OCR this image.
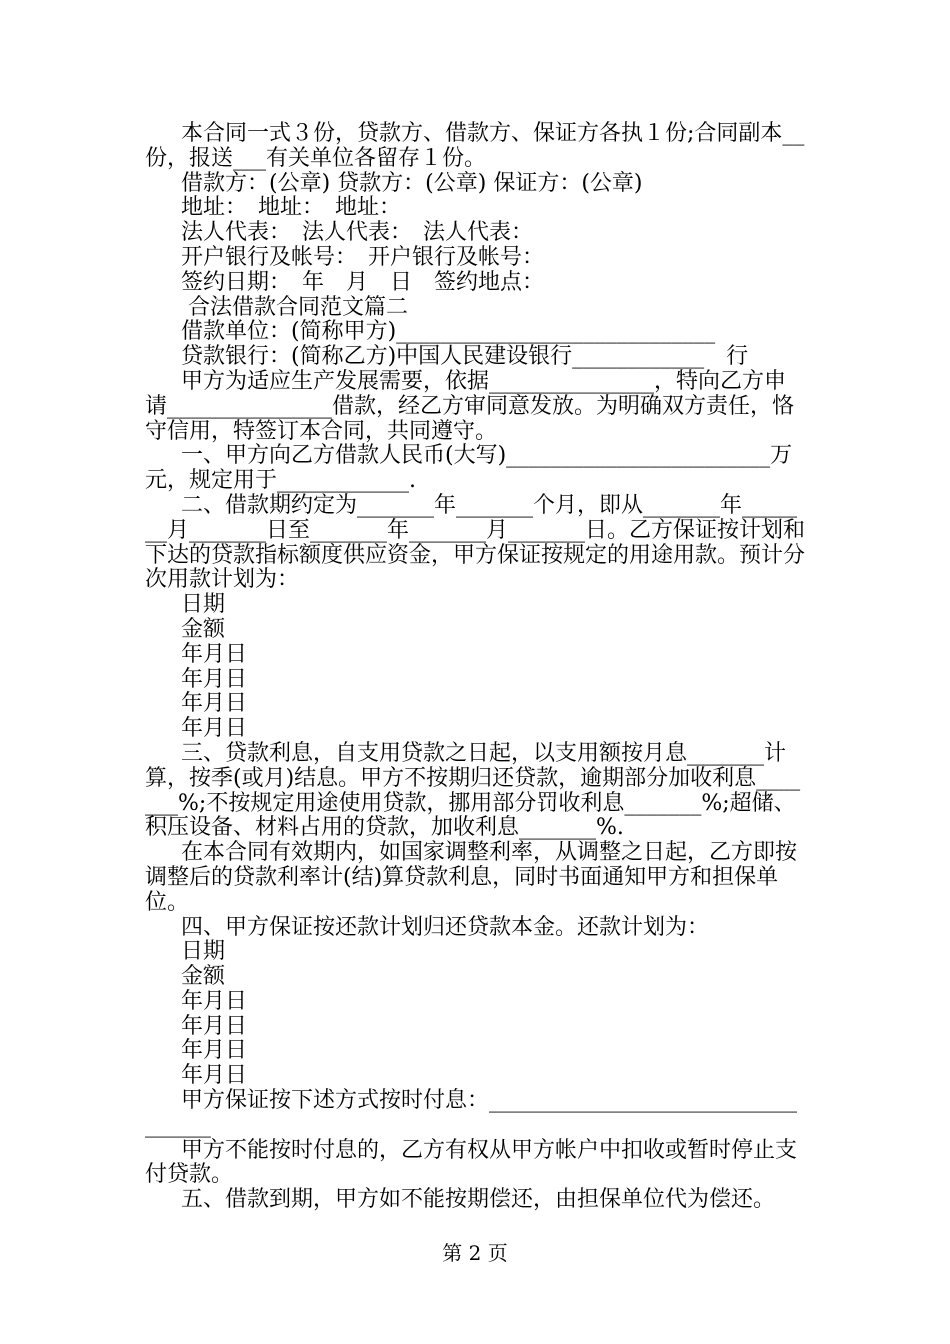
本合同一式３份，贷款方、借款方、保证方各执１份;合同副本__份，报送___有关单位各留存１份。

借款方：(公章) 贷款方：(公章) 保证方：(公章)

地址：　地址：　地址：

法人代表：　法人代表：　法人代表：

开户银行及帐号：　开户银行及帐号：

签约日期：　年　月　日　签约地点：

合法借款合同范文篇二

借款单位：(简称甲方)_____________________________

贷款银行：(简称乙方)中国人民建设银行____________　行

甲方为适应生产发展需要，依据_______________，特向乙方申请_______________借款，经乙方审同意发放。为明确双方责任，恪守信用，特签订本合同，共同遵守。

一、甲方向乙方借款人民币(大写)________________________万元，规定用于____________.

二、借款期约定为_______年_______个月，即从_______年_______月_______日至_______年_______月_______日。乙方保证按计划和下达的贷款指标额度供应资金，甲方保证按规定的用途用款。预计分次用款计划为：

日期

金额

年月日

年月日

年月日

年月日

三、贷款利息，自支用贷款之日起，以支用额按月息_______计算，按季(或月)结息。甲方不按期归还贷款，逾期部分加收利息_______%;不按规定用途使用贷款，挪用部分罚收利息_______%;超储、积压设备、材料占用的贷款，加收利息_______%.

在本合同有效期内，如国家调整利率，从调整之日起，乙方即按调整后的贷款利率计(结)算贷款利息，同时书面通知甲方和担保单位。

四、甲方保证按还款计划归还贷款本金。还款计划为：

日期

金额

年月日

年月日

年月日

年月日

甲方保证按下述方式按时付息：__________________________________

甲方不能按时付息的，乙方有权从甲方帐户中扣收或暂时停止支付贷款。

五、借款到期，甲方如不能按期偿还，由担保单位代为偿还。

第 2 页
